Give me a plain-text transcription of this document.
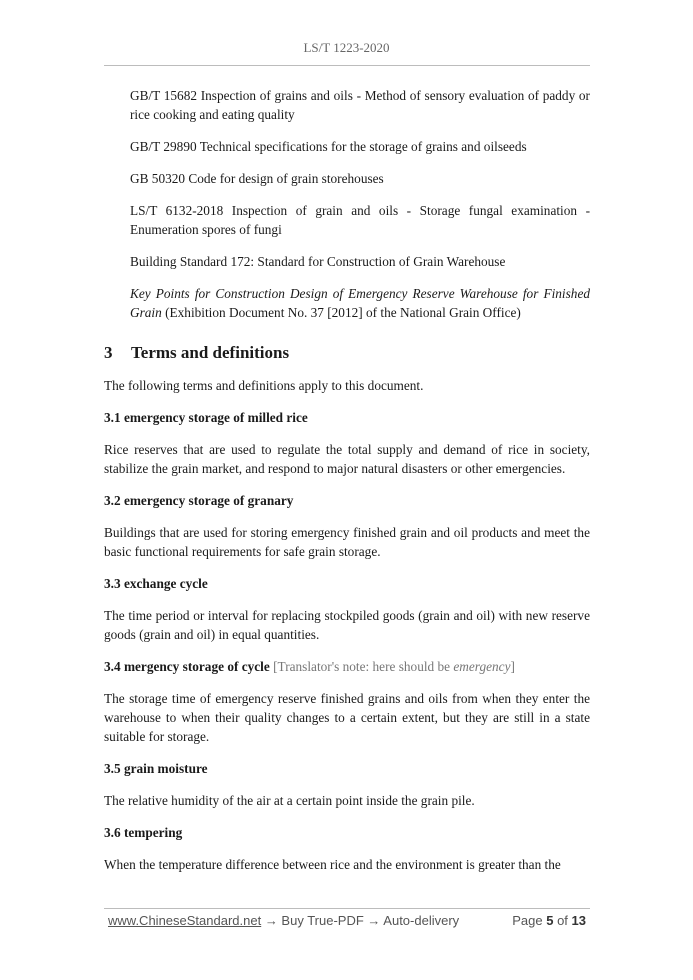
LS/T 1223-2020

GB/T 15682 Inspection of grains and oils - Method of sensory evaluation of paddy or rice cooking and eating quality

GB/T 29890 Technical specifications for the storage of grains and oilseeds

GB 50320 Code for design of grain storehouses

LS/T 6132-2018 Inspection of grain and oils - Storage fungal examination - Enumeration spores of fungi

Building Standard 172: Standard for Construction of Grain Warehouse

Key Points for Construction Design of Emergency Reserve Warehouse for Finished Grain (Exhibition Document No. 37 [2012] of the National Grain Office)

3 Terms and definitions

The following terms and definitions apply to this document.

3.1 emergency storage of milled rice

Rice reserves that are used to regulate the total supply and demand of rice in society, stabilize the grain market, and respond to major natural disasters or other emergencies.

3.2 emergency storage of granary

Buildings that are used for storing emergency finished grain and oil products and meet the basic functional requirements for safe grain storage.

3.3 exchange cycle

The time period or interval for replacing stockpiled goods (grain and oil) with new reserve goods (grain and oil) in equal quantities.

3.4 mergency storage of cycle [Translator's note: here should be emergency]

The storage time of emergency reserve finished grains and oils from when they enter the warehouse to when their quality changes to a certain extent, but they are still in a state suitable for storage.

3.5 grain moisture

The relative humidity of the air at a certain point inside the grain pile.

3.6 tempering

When the temperature difference between rice and the environment is greater than the

www.ChineseStandard.net → Buy True-PDF → Auto-delivery	Page 5 of 13
